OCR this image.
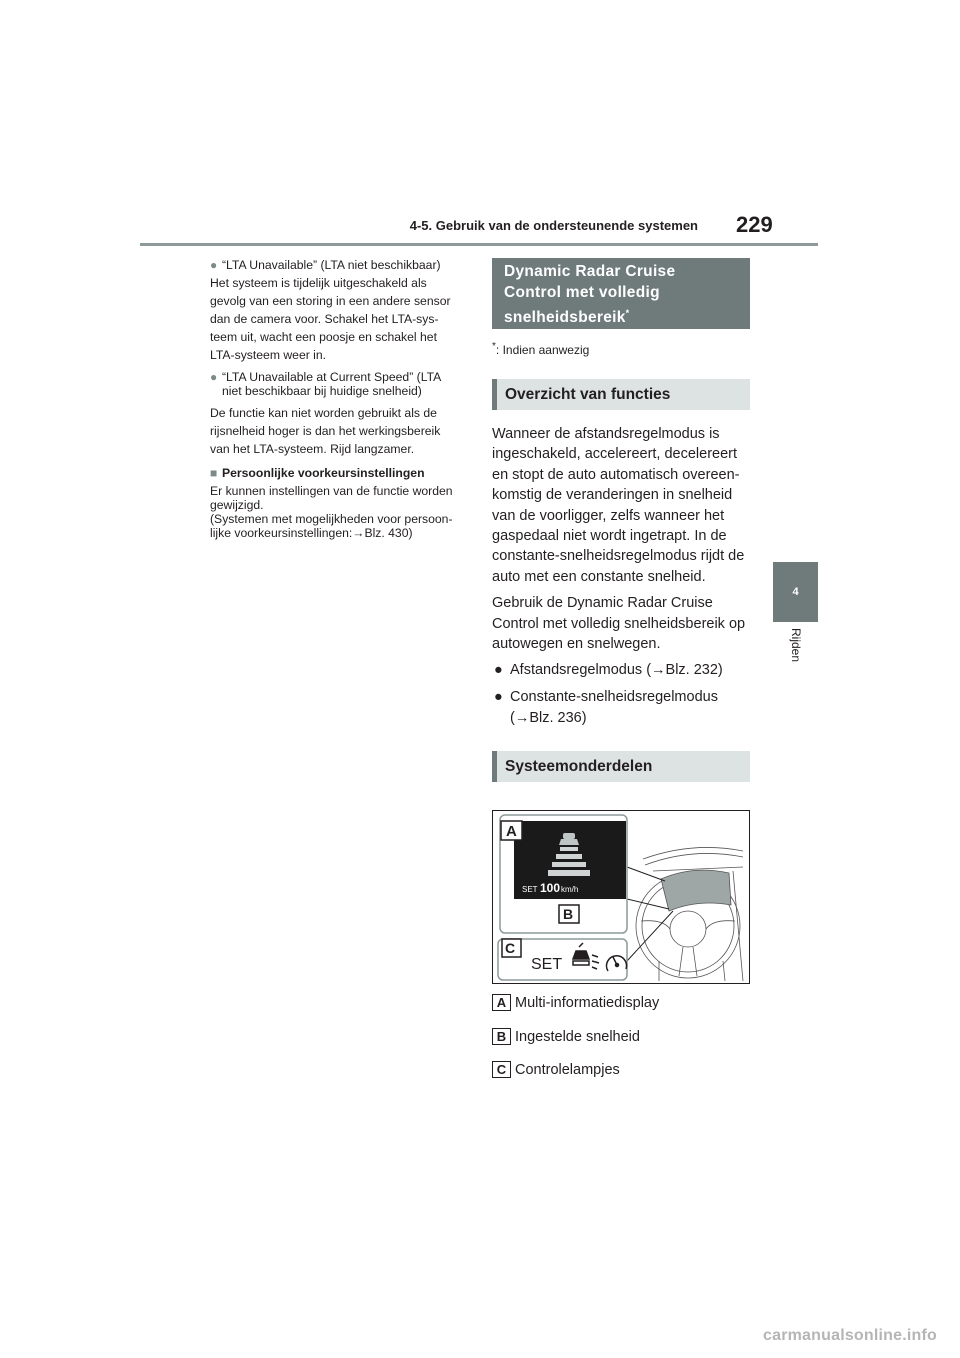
4-5. Gebruik van de ondersteunende systemen 229
4
Rijden
● “LTA Unavailable” (LTA niet beschikbaar)
Het systeem is tijdelijk uitgeschakeld als
gevolg van een storing in een andere sensor
dan de camera voor. Schakel het LTA-sys-
teem uit, wacht een poosje en schakel het
LTA-systeem weer in.
● “LTA Unavailable at Current Speed” (LTA
niet beschikbaar bij huidige snelheid)
De functie kan niet worden gebruikt als de
rijsnelheid hoger is dan het werkingsbereik
van het LTA-systeem. Rijd langzamer.
■ Persoonlijke voorkeursinstellingen
Er kunnen instellingen van de functie worden
gewijzigd.
(Systemen met mogelijkheden voor persoon-
lijke voorkeursinstellingen:→Blz. 430)
Dynamic Radar Cruise
Control met volledig
snelheidsbereik*
*: Indien aanwezig
Overzicht van functies

Wanneer de afstandsregelmodus is
ingeschakeld, accelereert, decelereert
en stopt de auto automatisch overeen-
komstig de veranderingen in snelheid
van de voorligger, zelfs wanneer het
gaspedaal niet wordt ingetrapt. In de
constante-snelheidsregelmodus rijdt de
auto met een constante snelheid.

Gebruik de Dynamic Radar Cruise
Control met volledig snelheidsbereik op
autowegen en snelwegen.

● Afstandsregelmodus (→Blz. 232)
● Constante-snelheidsregelmodus
(→Blz. 236)
Systeemonderdelen
SET 100 km/h
A
B
C
SET
A Multi-informatiedisplay
B Ingestelde snelheid
C Controlelampjes
carmanualsonline.info
